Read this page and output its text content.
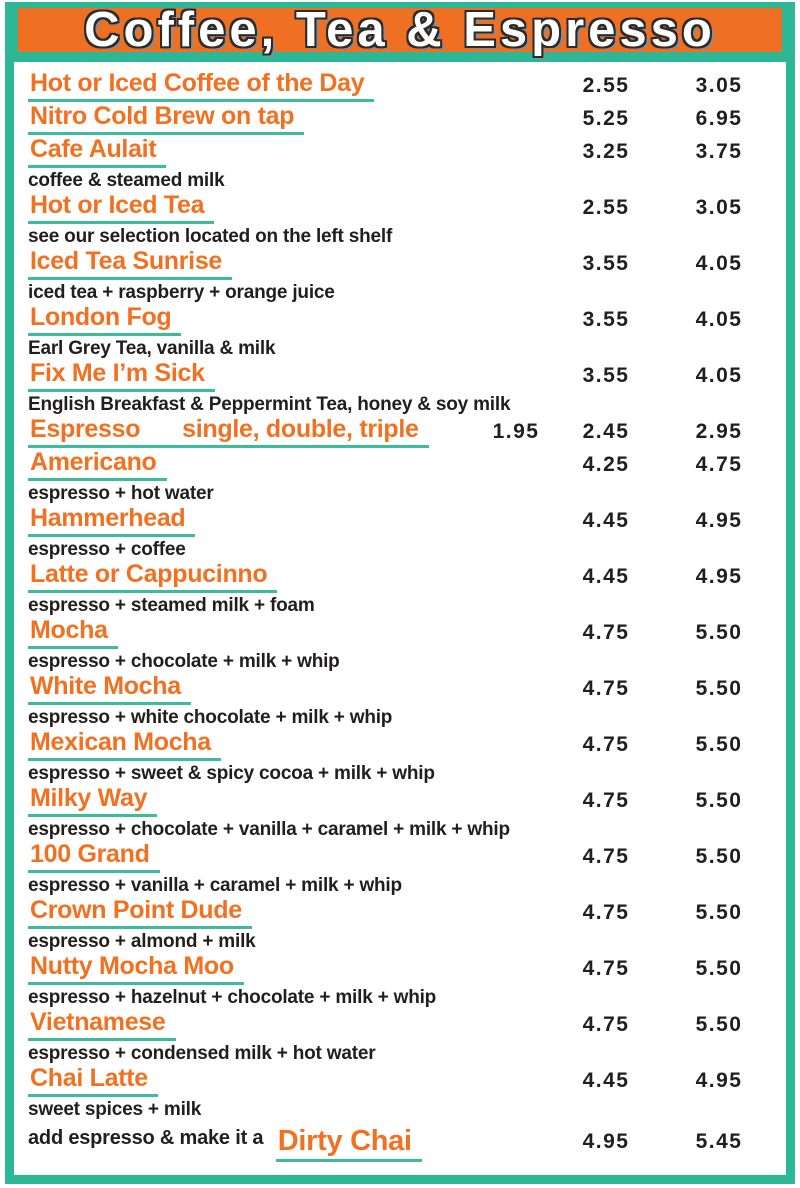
Coffee, Tea & Espresso
Hot or Iced Coffee of the Day	2.55	3.05
Nitro Cold Brew on tap	5.25	6.95
Cafe Aulait
coffee & steamed milk
3.25	3.75
Hot or Iced Tea
see our selection located on the left shelf
2.55	3.05
Iced Tea Sunrise
iced tea + raspberry + orange juice
3.55	4.05
London Fog
Earl Grey Tea, vanilla & milk
3.55	4.05
Fix Me I’m Sick
English Breakfast & Peppermint Tea, honey & soy milk
3.55	4.05
Espresso single, double, triple	1.95	2.45	2.95
Americano
espresso + hot water
4.25	4.75
Hammerhead
espresso + coffee
4.45	4.95
Latte or Cappucinno
espresso + steamed milk + foam
4.45	4.95
Mocha
espresso + chocolate + milk + whip
4.75	5.50
White Mocha
espresso + white chocolate + milk + whip
4.75	5.50
Mexican Mocha
espresso + sweet & spicy cocoa + milk + whip
4.75	5.50
Milky Way
espresso + chocolate + vanilla + caramel + milk + whip
4.75	5.50
100 Grand
espresso + vanilla + caramel + milk + whip
4.75	5.50
Crown Point Dude
espresso + almond + milk
4.75	5.50
Nutty Mocha Moo
espresso + hazelnut + chocolate + milk + whip
4.75	5.50
Vietnamese
espresso + condensed milk + hot water
4.75	5.50
Chai Latte
sweet spices + milk
4.45	4.95
add espresso & make it a Dirty Chai	4.95	5.45
